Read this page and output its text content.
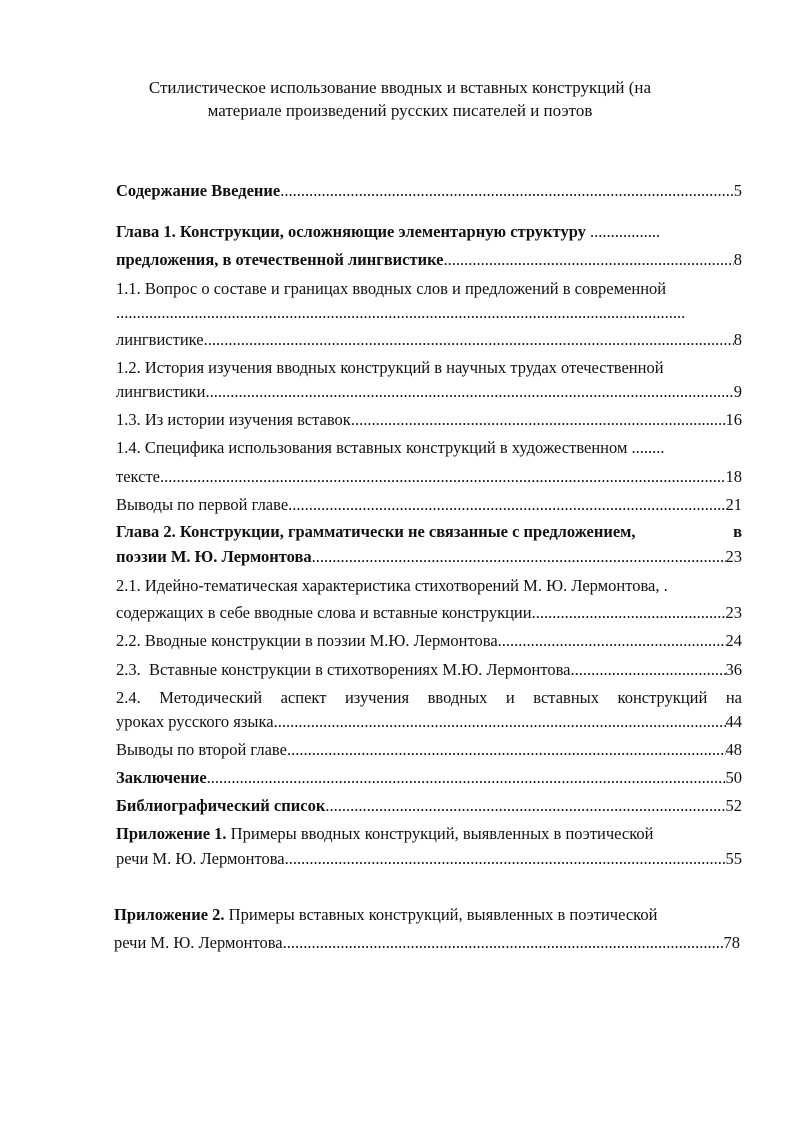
Стилистическое использование вводных и вставных конструкций (на
материале произведений русских писателей и поэтов
Содержание Введение .....	5
Глава 1. Конструкции, осложняющие элементарную структуру .................
предложения, в отечественной лингвистике .....	8
1.1. Вопрос о составе и границах вводных слов и предложений в современной
..........................................................................................................................................
лингвистике .....	8
1.2. История изучения вводных конструкций в научных трудах отечественной
лингвистики .....	9
1.3. Из истории изучения вставок .....	16
1.4. Специфика использования вставных конструкций в художественном ........
тексте .....	18
Выводы по первой главе .....	21
Глава 2. Конструкции, грамматически не связанные с предложением,	в
поэзии М. Ю. Лермонтова .....	23
2.1. Идейно-тематическая характеристика стихотворений М. Ю. Лермонтова, .
содержащих в себе вводные слова и вставные конструкции .....	23
2.2. Вводные конструкции в поэзии М.Ю. Лермонтова .....	24
2.3.  Вставные конструкции в стихотворениях М.Ю. Лермонтова .....	36
2.4. Методический аспект изучения вводных и вставных конструкций на
уроках русского языка .....	44
Выводы по второй главе .....	48
Заключение .....	50
Библиографический список .....	52
Приложение 1. Примеры вводных конструкций, выявленных в поэтической
речи М. Ю. Лермонтова .....	55
Приложение 2. Примеры вставных конструкций, выявленных в поэтической
речи М. Ю. Лермонтова .....	78
